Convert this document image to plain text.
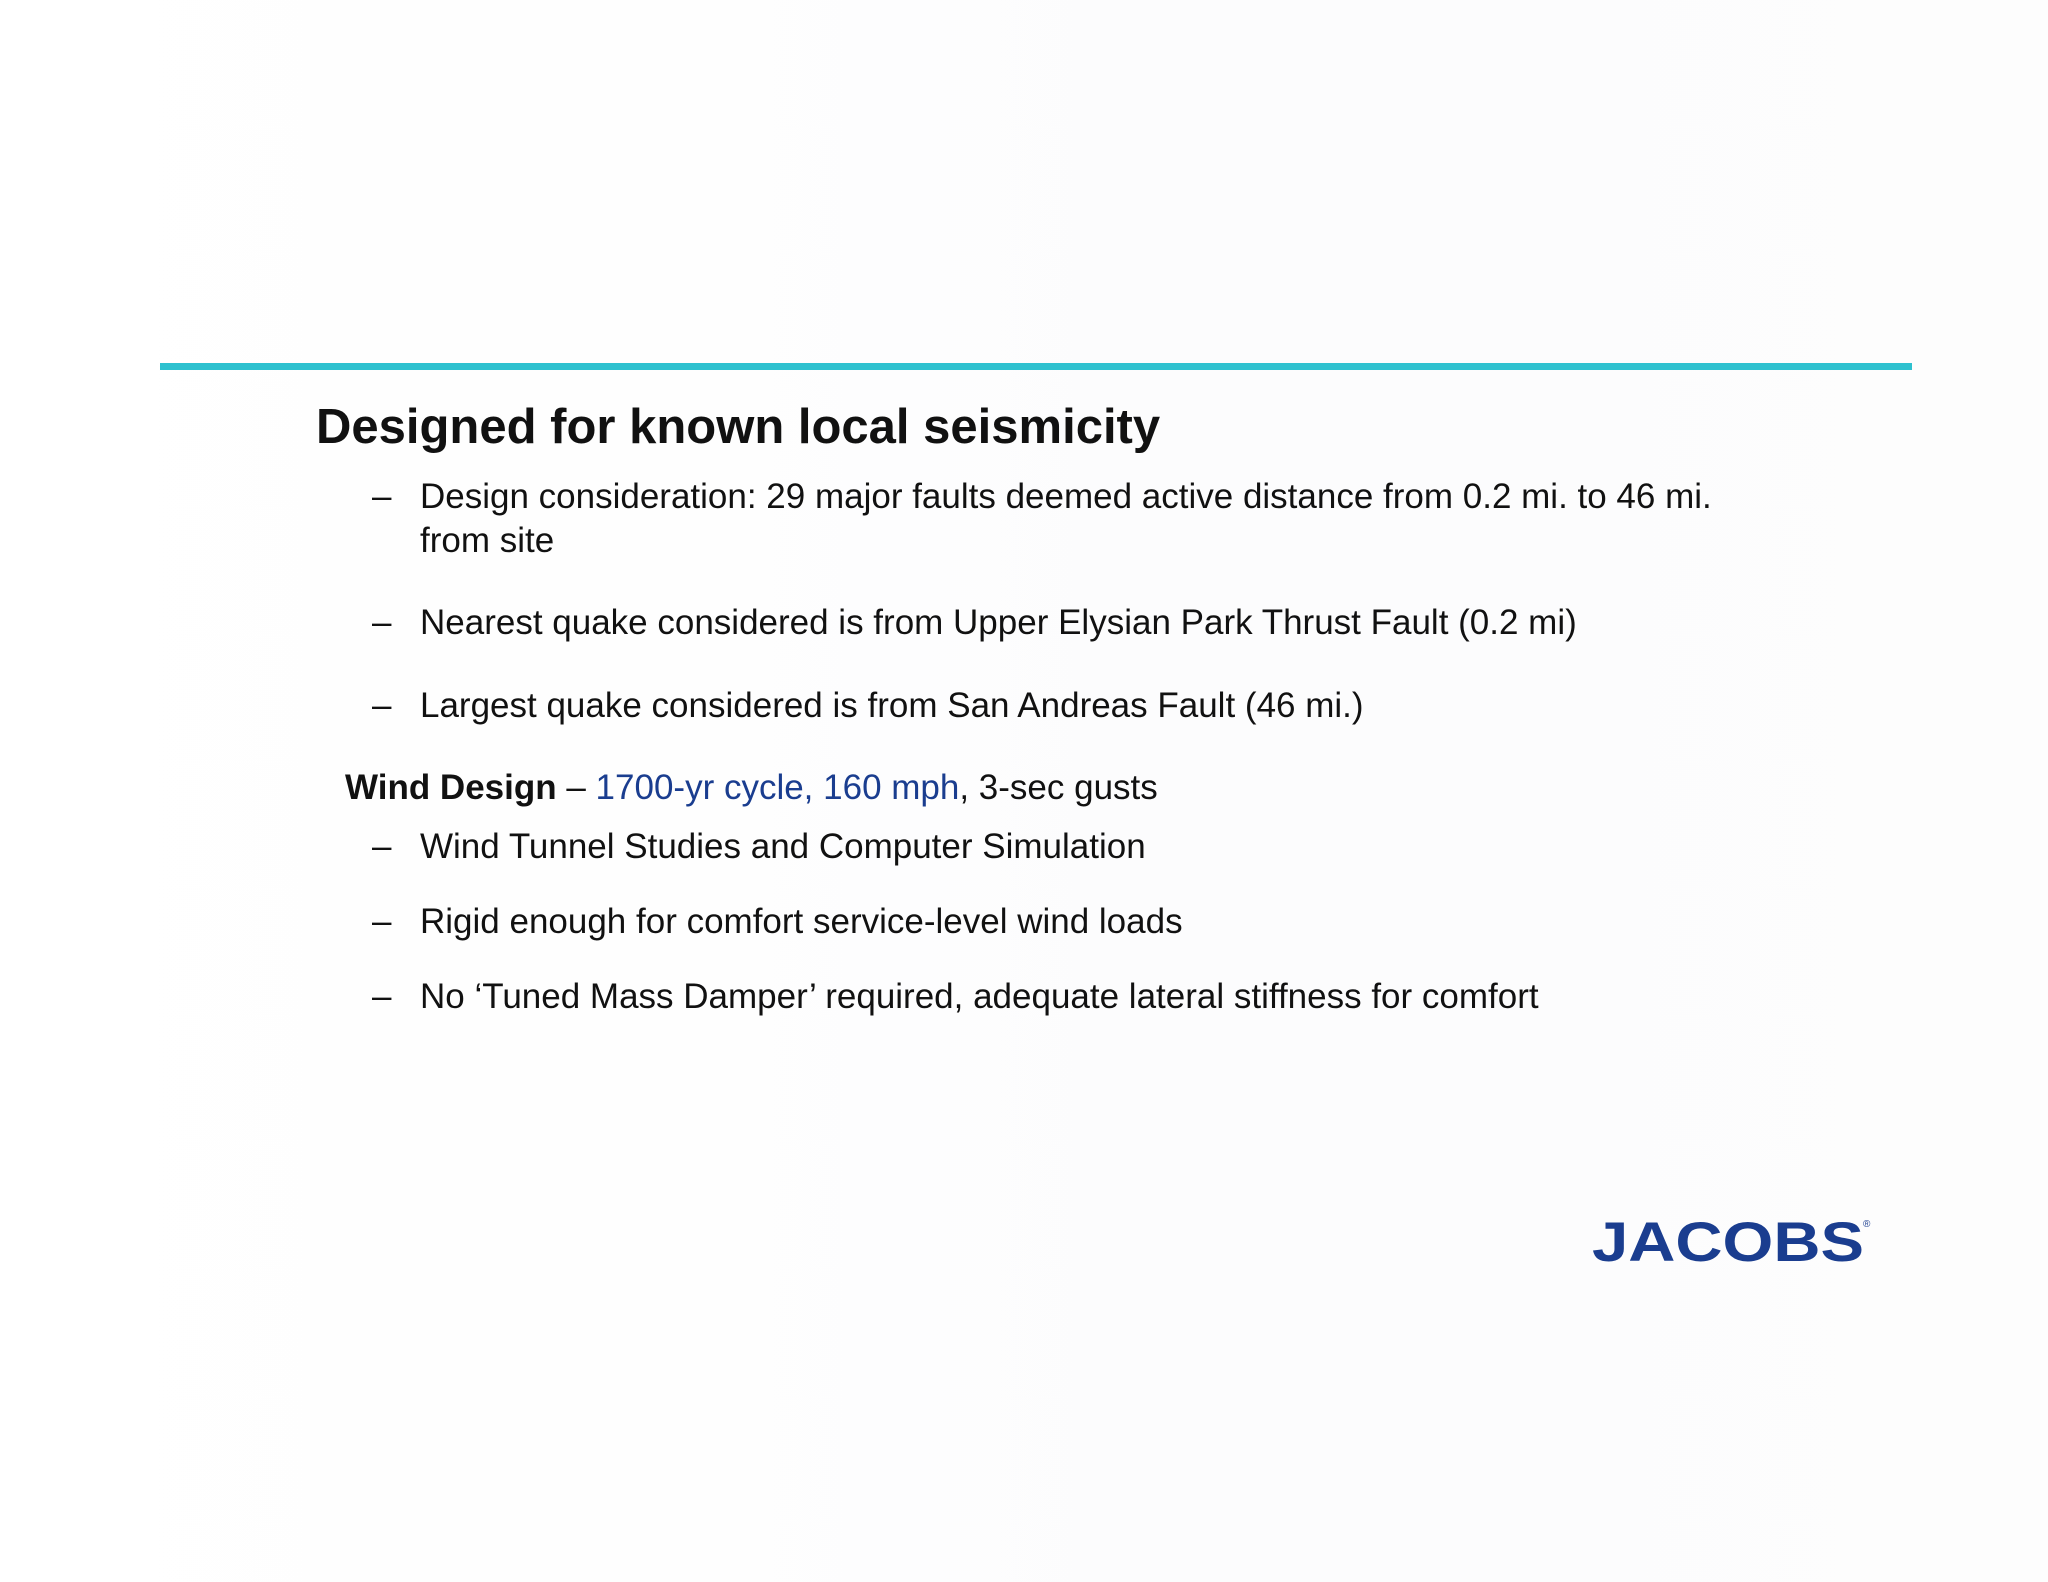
Designed for known local seismicity
– Design consideration: 29 major faults deemed active distance from 0.2 mi. to 46 mi.
from site
– Nearest quake considered is from Upper Elysian Park Thrust Fault (0.2 mi)
– Largest quake considered is from San Andreas Fault (46 mi.)
Wind Design – 1700-yr cycle, 160 mph, 3-sec gusts
– Wind Tunnel Studies and Computer Simulation
– Rigid enough for comfort service-level wind loads
– No ‘Tuned Mass Damper’ required, adequate lateral stiffness for comfort
JACOBS ®
